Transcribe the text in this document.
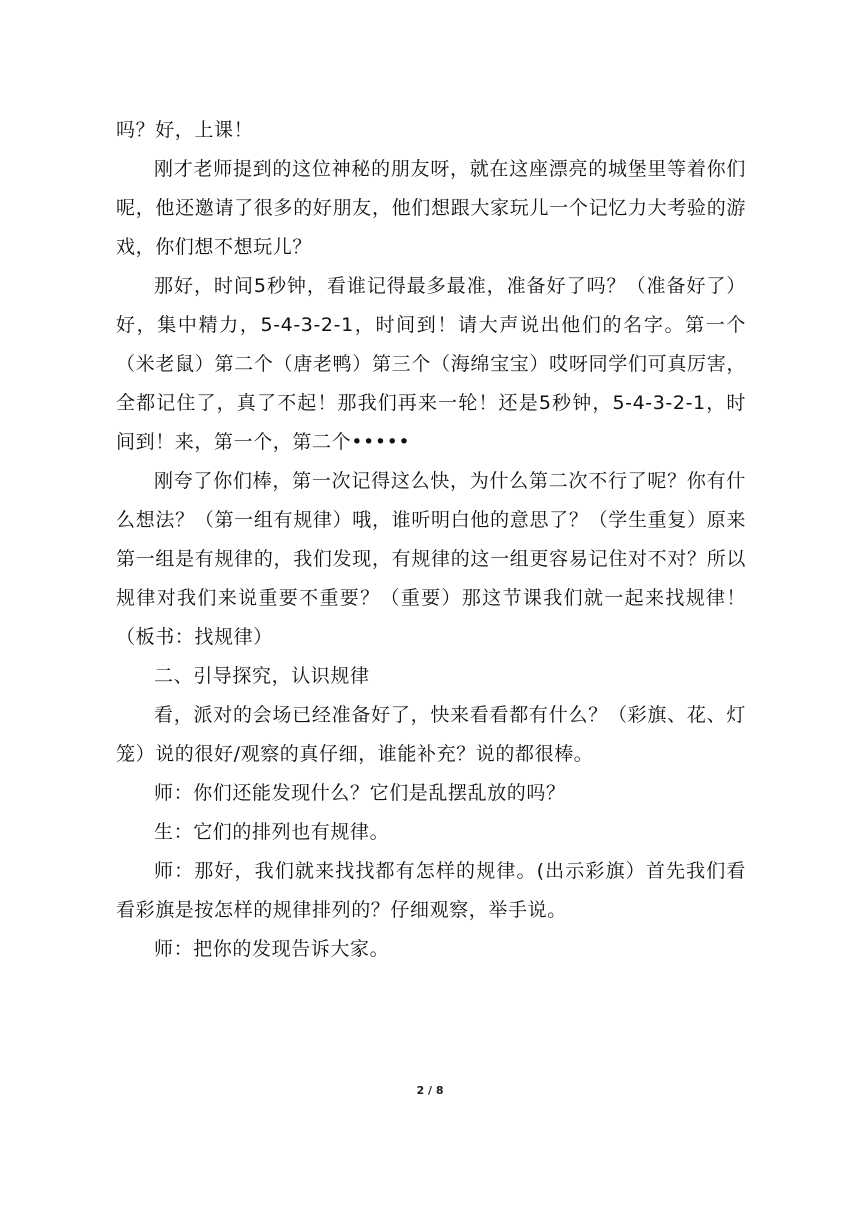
吗？好，上课！

刚才老师提到的这位神秘的朋友呀，就在这座漂亮的城堡里等着你们呢，他还邀请了很多的好朋友，他们想跟大家玩儿一个记忆力大考验的游戏，你们想不想玩儿？

那好，时间5秒钟，看谁记得最多最准，准备好了吗？（准备好了）好，集中精力，5-4-3-2-1，时间到！请大声说出他们的名字。第一个（米老鼠）第二个（唐老鸭）第三个（海绵宝宝）哎呀同学们可真厉害，全都记住了，真了不起！那我们再来一轮！还是5秒钟，5-4-3-2-1，时间到！来，第一个，第二个•••••

刚夸了你们棒，第一次记得这么快，为什么第二次不行了呢？你有什么想法？（第一组有规律）哦，谁听明白他的意思了？（学生重复）原来第一组是有规律的，我们发现，有规律的这一组更容易记住对不对？所以规律对我们来说重要不重要？（重要）那这节课我们就一起来找规律！（板书：找规律）

二、引导探究，认识规律

看，派对的会场已经准备好了，快来看看都有什么？（彩旗、花、灯笼）说的很好/观察的真仔细，谁能补充？说的都很棒。

师：你们还能发现什么？它们是乱摆乱放的吗？

生：它们的排列也有规律。

师：那好，我们就来找找都有怎样的规律。(出示彩旗）首先我们看看彩旗是按怎样的规律排列的？仔细观察，举手说。

师：把你的发现告诉大家。

2 / 8
